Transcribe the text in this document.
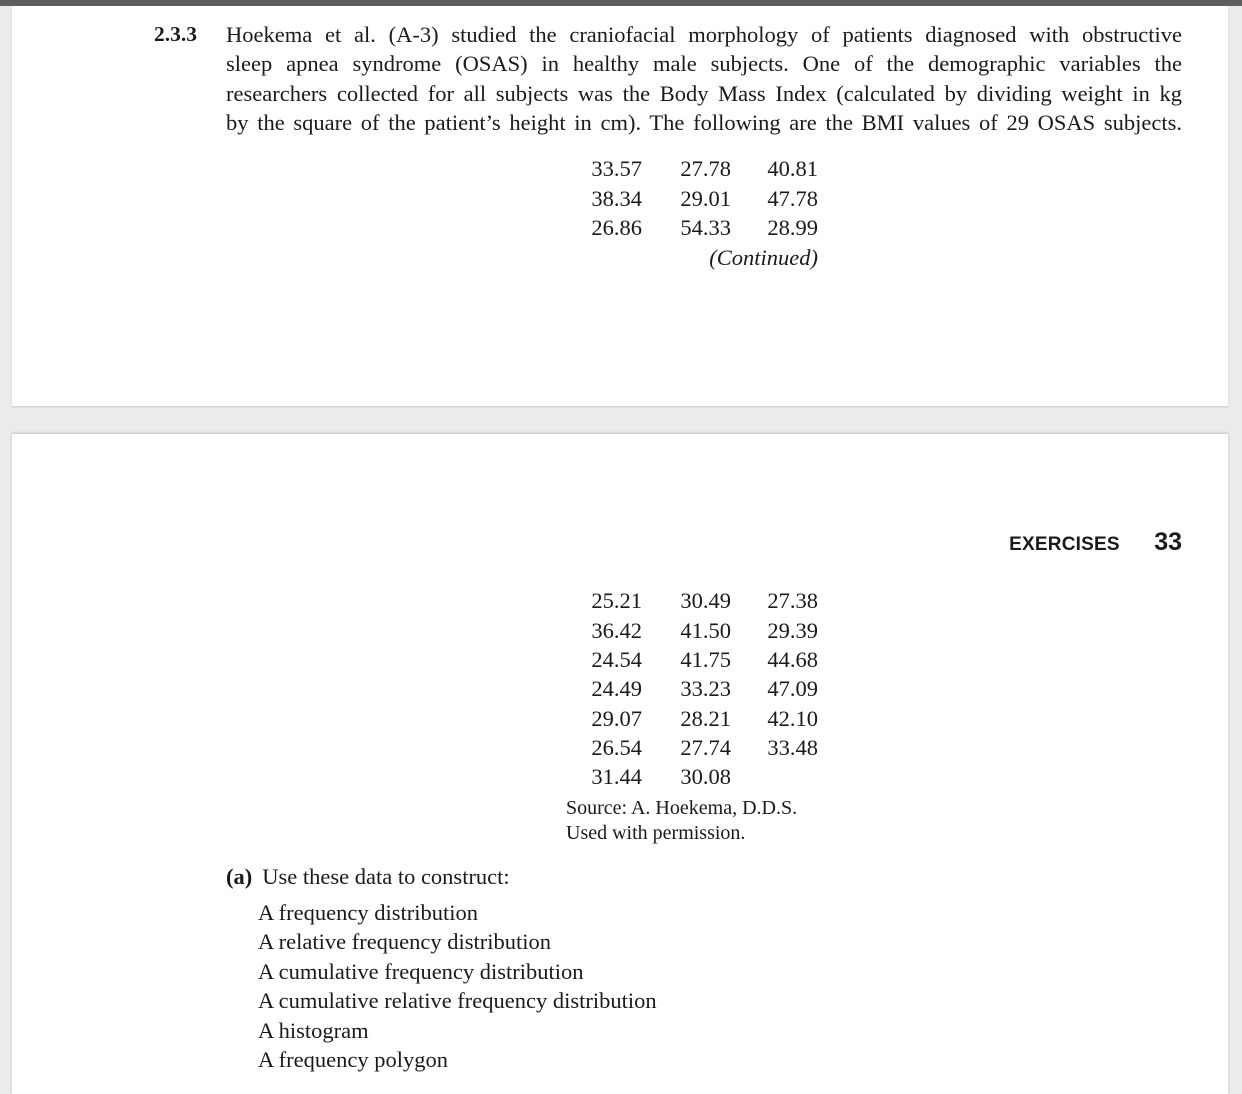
2.3.3 Hoekema et al. (A-3) studied the craniofacial morphology of patients diagnosed with obstructive
sleep apnea syndrome (OSAS) in healthy male subjects. One of the demographic variables the
researchers collected for all subjects was the Body Mass Index (calculated by dividing weight in kg
by the square of the patient’s height in cm). The following are the BMI values of 29 OSAS subjects.
33.57	27.78	40.81
38.34	29.01	47.78
26.86	54.33	28.99
(Continued)
EXERCISES 33
25.21	30.49	27.38
36.42	41.50	29.39
24.54	41.75	44.68
24.49	33.23	47.09
29.07	28.21	42.10
26.54	27.74	33.48
31.44	30.08
Source: A. Hoekema, D.D.S.
Used with permission.
(a) Use these data to construct:
A frequency distribution
A relative frequency distribution
A cumulative frequency distribution
A cumulative relative frequency distribution
A histogram
A frequency polygon
